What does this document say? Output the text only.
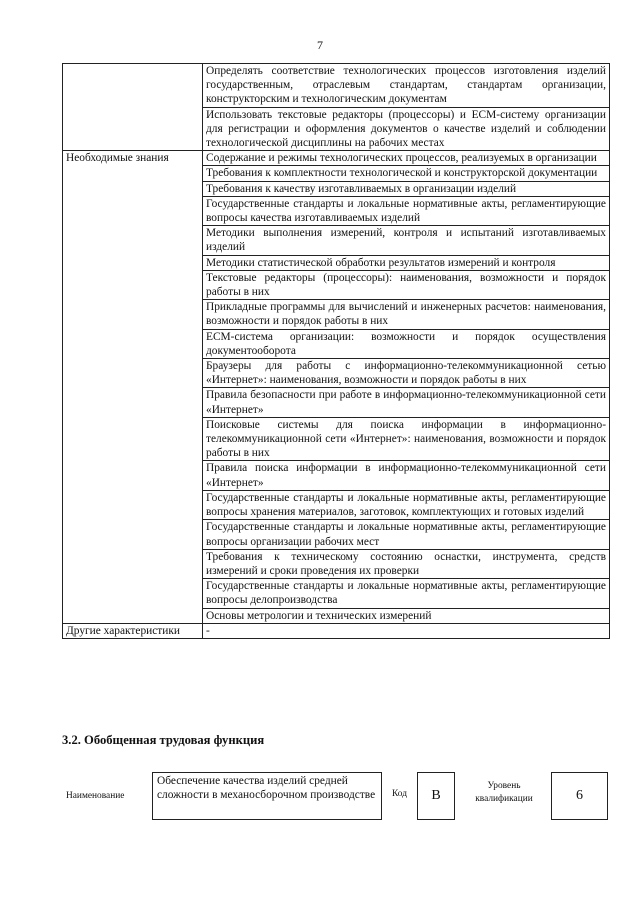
7
	Определять соответствие технологических процессов изготовления изделий государственным, отраслевым стандартам, стандартам организации, конструкторским и технологическим документам
	Использовать текстовые редакторы (процессоры) и ЕСМ-систему организации для регистрации и оформления документов о качестве изделий и соблюдении технологической дисциплины на рабочих местах
Необходимые знания	Содержание и режимы технологических процессов, реализуемых в организации
	Требования к комплектности технологической и конструкторской документации
	Требования к качеству изготавливаемых в организации изделий
	Государственные стандарты и локальные нормативные акты, регламентирующие вопросы качества изготавливаемых изделий
	Методики выполнения измерений, контроля и испытаний изготавливаемых изделий
	Методики статистической обработки результатов измерений и контроля
	Текстовые редакторы (процессоры): наименования, возможности и порядок работы в них
	Прикладные программы для вычислений и инженерных расчетов: наименования, возможности и порядок работы в них
	ЕСМ-система организации: возможности и порядок осуществления документооборота
	Браузеры для работы с информационно-телекоммуникационной сетью «Интернет»: наименования, возможности и порядок работы в них
	Правила безопасности при работе в информационно-телекоммуникационной сети «Интернет»
	Поисковые системы для поиска информации в информационно-телекоммуникационной сети «Интернет»: наименования, возможности и порядок работы в них
	Правила поиска информации в информационно-телекоммуникационной сети «Интернет»
	Государственные стандарты и локальные нормативные акты, регламентирующие вопросы хранения материалов, заготовок, комплектующих и готовых изделий
	Государственные стандарты и локальные нормативные акты, регламентирующие вопросы организации рабочих мест
	Требования к техническому состоянию оснастки, инструмента, средств измерений и сроки проведения их проверки
	Государственные стандарты и локальные нормативные акты, регламентирующие вопросы делопроизводства
	Основы метрологии и технических измерений
Другие характеристики	-
3.2. Обобщенная трудовая функция
Наименование
Обеспечение качества изделий средней сложности в механосборочном производстве	Код	В
Уровень
квалификации	6
